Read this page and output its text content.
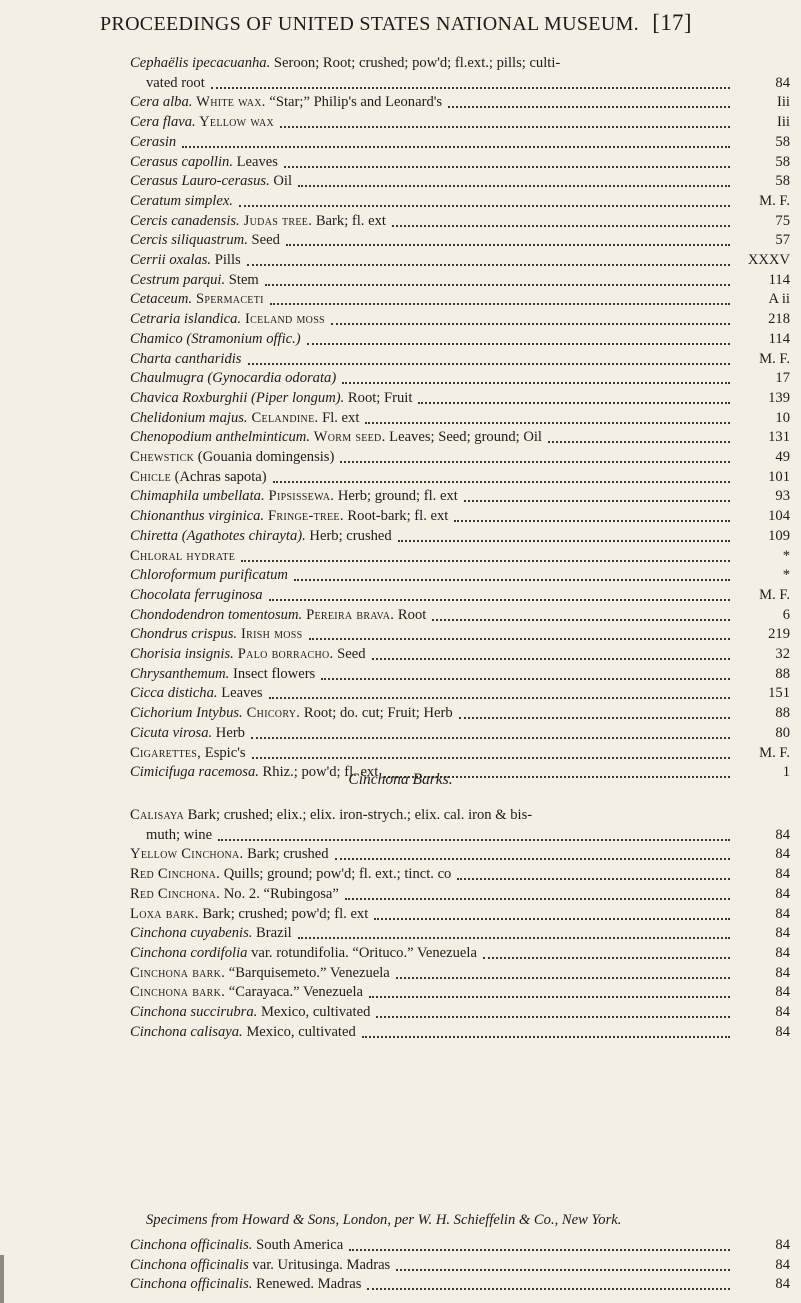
PROCEEDINGS OF UNITED STATES NATIONAL MUSEUM. [17]
Cephaëlis ipecacuanha. Seroon; Root; crushed; pow'd; fl.ext.; pills; culti-
vated root	84
Cera alba. White wax. “Star;” Philip's and Leonard's	Iii
Cera flava. Yellow wax	Iii
Cerasin	58
Cerasus capollin. Leaves	58
Cerasus Lauro-cerasus. Oil	58
Ceratum simplex.	M. F.
Cercis canadensis. Judas tree. Bark; fl. ext	75
Cercis siliquastrum. Seed	57
Cerrii oxalas. Pills	XXXV
Cestrum parqui. Stem	114
Cetaceum. Spermaceti	A ii
Cetraria islandica. Iceland moss	218
Chamico (Stramonium offic.)	114
Charta cantharidis	M. F.
Chaulmugra (Gynocardia odorata)	17
Chavica Roxburghii (Piper longum). Root; Fruit	139
Chelidonium majus. Celandine. Fl. ext	10
Chenopodium anthelminticum. Worm seed. Leaves; Seed; ground; Oil	131
Chewstick (Gouania domingensis)	49
Chicle (Achras sapota)	101
Chimaphila umbellata. Pipsissewa. Herb; ground; fl. ext	93
Chionanthus virginica. Fringe-tree. Root-bark; fl. ext	104
Chiretta (Agathotes chirayta). Herb; crushed	109
Chloral hydrate	*
Chloroformum purificatum	*
Chocolata ferruginosa	M. F.
Chondodendron tomentosum. Pereira brava. Root	6
Chondrus crispus. Irish moss	219
Chorisia insignis. Palo borracho. Seed	32
Chrysanthemum. Insect flowers	88
Cicca disticha. Leaves	151
Cichorium Intybus. Chicory. Root; do. cut; Fruit; Herb	88
Cicuta virosa. Herb	80
Cigarettes, Espic's	M. F.
Cimicifuga racemosa. Rhiz.; pow'd; fl. ext	1
Calisaya Bark; crushed; elix.; elix. iron-strych.; elix. cal. iron & bis-
muth; wine	84
Yellow Cinchona. Bark; crushed	84
Red Cinchona. Quills; ground; pow'd; fl. ext.; tinct. co	84
Red Cinchona. No. 2. “Rubingosa”	84
Loxa bark. Bark; crushed; pow'd; fl. ext	84
Cinchona cuyabenis. Brazil	84
Cinchona cordifolia var. rotundifolia. “Orituco.” Venezuela	84
Cinchona bark. “Barquisemeto.” Venezuela	84
Cinchona bark. “Carayaca.” Venezuela	84
Cinchona succirubra. Mexico, cultivated	84
Cinchona calisaya. Mexico, cultivated	84
Cinchona officinalis. South America	84
Cinchona officinalis var. Uritusinga. Madras	84
Cinchona officinalis. Renewed. Madras	84
Cinchona Barks.
Specimens from Howard & Sons, London, per W. H. Schieffelin & Co., New York.
